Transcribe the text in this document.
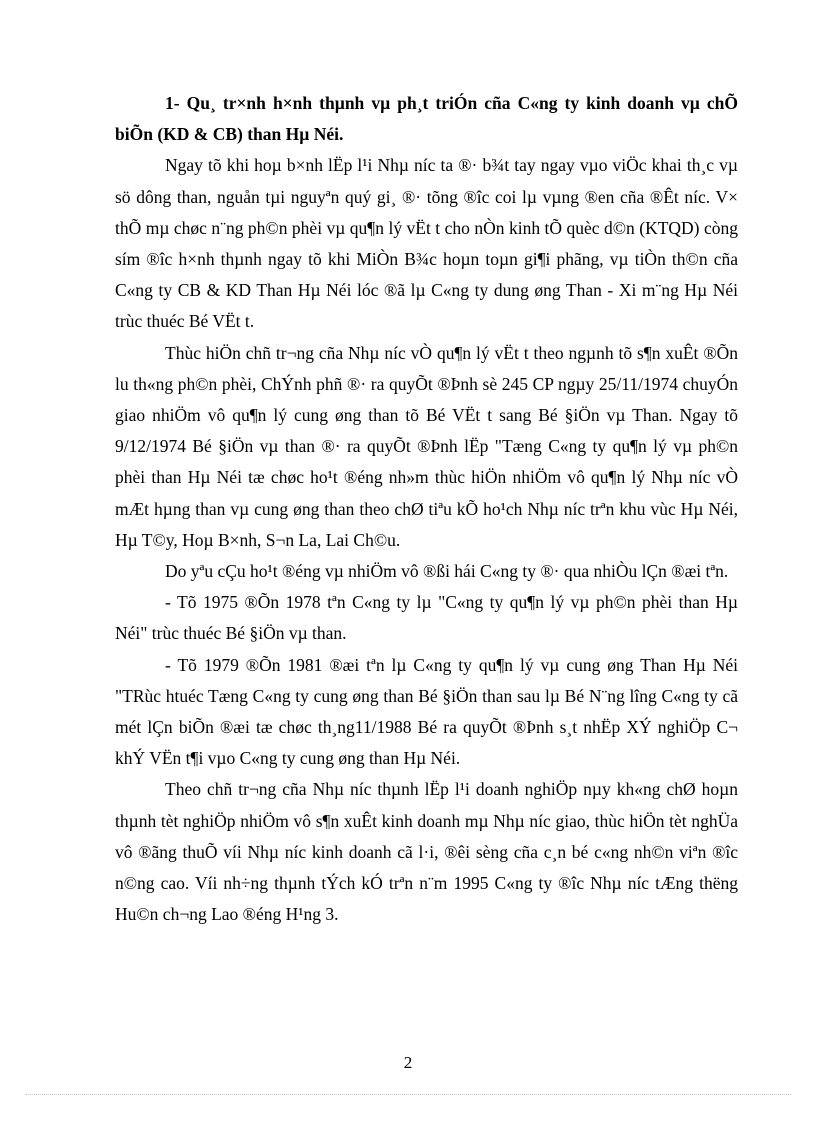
1- Qu¸ tr×nh h×nh thµnh vµ ph¸t triÓn cña C«ng ty kinh doanh vµ chÕ biÕn (KD & CB) than Hµ Néi.

Ngay tõ khi hoµ b×nh lËp l¹i Nhµ níc ta ®· b¾t tay ngay vµo viÖc khai th¸c vµ sö dông than, nguån tµi nguyªn quý gi¸ ®· tõng ®îc coi lµ vµng ®en cña ®Êt níc. V× thÕ mµ chøc n¨ng ph©n phèi vµ qu¶n lý vËt t cho nÒn kinh tÕ quèc d©n (KTQD) còng sím ®îc h×nh thµnh ngay tõ khi MiÒn B¾c hoµn toµn gi¶i phãng, vµ tiÒn th©n cña C«ng ty CB & KD Than Hµ Néi lóc ®ã lµ C«ng ty dung øng Than - Xi m¨ng Hµ Néi trùc thuéc Bé VËt t.

Thùc hiÖn chñ tr¬ng cña Nhµ níc vÒ qu¶n lý vËt t theo ngµnh tõ s¶n xuÊt ®Õn lu th«ng ph©n phèi, ChÝnh phñ ®· ra quyÕt ®Þnh sè 245 CP ngµy 25/11/1974 chuyÓn giao nhiÖm vô qu¶n lý cung øng than tõ Bé VËt t sang Bé §iÖn vµ Than. Ngay tõ 9/12/1974 Bé §iÖn vµ than ®· ra quyÕt ®Þnh lËp "Tæng C«ng ty qu¶n lý vµ ph©n phèi than Hµ Néi tæ chøc ho¹t ®éng nh»m thùc hiÖn nhiÖm vô qu¶n lý Nhµ níc vÒ mÆt hµng than vµ cung øng than theo chØ tiªu kÕ ho¹ch Nhµ níc trªn khu vùc Hµ Néi, Hµ T©y, Hoµ B×nh, S¬n La, Lai Ch©u.

Do yªu cÇu ho¹t ®éng vµ nhiÖm vô ®ßi hái C«ng ty ®· qua nhiÒu lÇn ®æi tªn.

- Tõ 1975 ®Õn 1978 tªn C«ng ty lµ "C«ng ty qu¶n lý vµ ph©n phèi than Hµ Néi" trùc thuéc Bé §iÖn vµ than.

- Tõ 1979 ®Õn 1981 ®æi tªn lµ C«ng ty qu¶n lý vµ cung øng Than Hµ Néi "TRùc htuéc Tæng C«ng ty cung øng than Bé §iÖn than sau lµ Bé N¨ng lîng C«ng ty cã mét lÇn biÕn ®æi tæ chøc th¸ng11/1988 Bé ra quyÕt ®Þnh s¸t nhËp XÝ nghiÖp C¬ khÝ VËn t¶i vµo C«ng ty cung øng than Hµ Néi.

Theo chñ tr¬ng cña Nhµ níc thµnh lËp l¹i doanh nghiÖp nµy kh«ng chØ hoµn thµnh tèt nghiÖp nhiÖm vô s¶n xuÊt kinh doanh mµ Nhµ níc giao, thùc hiÖn tèt nghÜa vô ®ãng thuÕ víi Nhµ níc kinh doanh cã l·i, ®êi sèng cña c¸n bé c«ng nh©n viªn ®îc n©ng cao. Víi nh÷ng thµnh tÝch kÓ trªn n¨m 1995 C«ng ty ®îc Nhµ níc tÆng thëng Hu©n ch¬ng Lao ®éng H¹ng 3.

2
